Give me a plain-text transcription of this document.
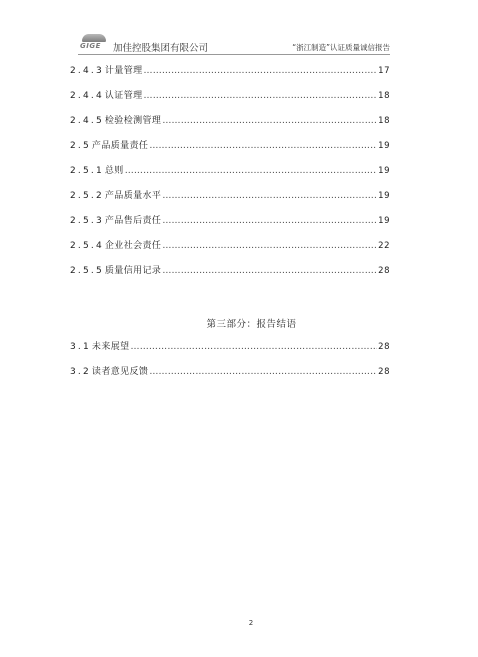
GIGE	加佳控股集团有限公司	“浙江制造”认证质量诚信报告
2.4.3 计量管理 ………………………………………………………………………………………………………………………………………………	17
2.4.4 认证管理 ………………………………………………………………………………………………………………………………………………	18
2.4.5 检验检测管理 ………………………………………………………………………………………………………………………………………………	18
2.5 产品质量责任 ………………………………………………………………………………………………………………………………………………	19
2.5.1 总则 ………………………………………………………………………………………………………………………………………………	19
2.5.2 产品质量水平 ………………………………………………………………………………………………………………………………………………	19
2.5.3 产品售后责任 ………………………………………………………………………………………………………………………………………………	19
2.5.4 企业社会责任 ………………………………………………………………………………………………………………………………………………	22
2.5.5 质量信用记录 ………………………………………………………………………………………………………………………………………………	28
第三部分：报告结语
3.1 未来展望 ………………………………………………………………………………………………………………………………………………	28
3.2 读者意见反馈 ………………………………………………………………………………………………………………………………………………	28
2
